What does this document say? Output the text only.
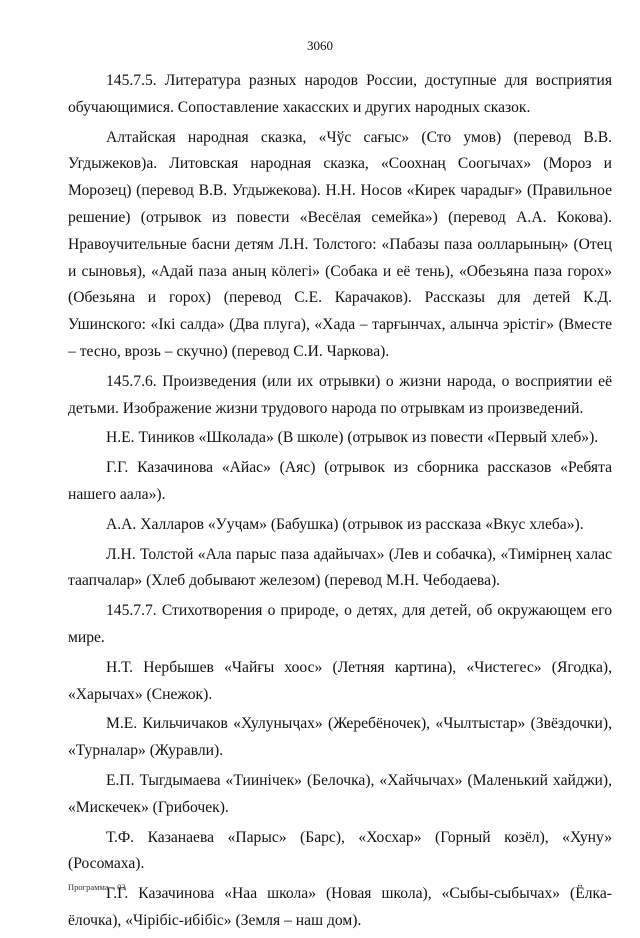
3060

145.7.5. Литература разных народов России, доступные для восприятия обучающимися. Сопоставление хакасских и других народных сказок.

Алтайская народная сказка, «Чўс сағыс» (Сто умов) (перевод В.В. Угдыжеков)а. Литовская народная сказка, «Соохнаң Соогычах» (Мороз и Морозец) (перевод В.В. Угдыжекова). Н.Н. Носов «Кирек чарадығ» (Правильное решение) (отрывок из повести «Весёлая семейка») (перевод А.А. Кокова). Нравоучительные басни детям Л.Н. Толстого: «Пабазы паза оолларының» (Отец и сыновья), «Адай паза аның кӧлегі» (Собака и её тень), «Обезьяна паза горох» (Обезьяна и горох) (перевод С.Е. Карачаков). Рассказы для детей К.Д. Ушинского: «Ікі салда» (Два плуга), «Хада – тарғынчах, алынча эрістіг» (Вместе – тесно, врозь – скучно) (перевод С.И. Чаркова).

145.7.6. Произведения (или их отрывки) о жизни народа, о восприятии её детьми. Изображение жизни трудового народа по отрывкам из произведений.

Н.Е. Тиников «Школада» (В школе) (отрывок из повести «Первый хлеб»).

Г.Г. Казачинова «Айас» (Аяс) (отрывок из сборника рассказов «Ребята нашего аала»).

А.А. Халларов «Ууҷам» (Бабушка) (отрывок из рассказа «Вкус хлеба»).

Л.Н. Толстой «Ала парыс паза адайычах» (Лев и собачка), «Тимірнең халас таапчалар» (Хлеб добывают железом) (перевод М.Н. Чебодаева).

145.7.7. Стихотворения о природе, о детях, для детей, об окружающем его мире.

Н.Т. Нербышев «Чайғы хоос» (Летняя картина), «Чистегес» (Ягодка), «Харычах» (Снежок).

М.Е. Кильчичаков «Хулуныҷах» (Жеребёночек), «Чылтыстар» (Звёздочки), «Турналар» (Журавли).

Е.П. Тыгдымаева «Тиинічек» (Белочка), «Хайчычах» (Маленький хайджи), «Мискечек» (Грибочек).

Т.Ф. Казанаева «Парыс» (Барс), «Хосхар» (Горный козёл), «Хуну» (Росомаха).

Г.Г. Казачинова «Наа школа» (Новая школа), «Сыбы-сыбычах» (Ёлка-ёлочка), «Чірібіс-ибібіс» (Земля – наш дом).

Программа – 03
